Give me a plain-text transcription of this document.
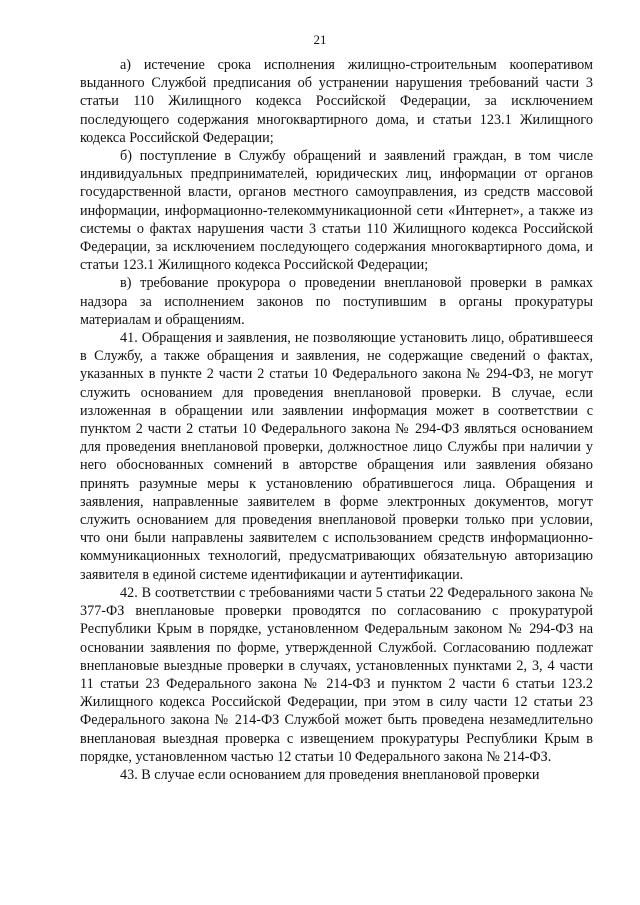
21

а) истечение срока исполнения жилищно-строительным кооперативом выданного Службой предписания об устранении нарушения требований части 3 статьи 110 Жилищного кодекса Российской Федерации, за исключением последующего содержания многоквартирного дома, и статьи 123.1 Жилищного кодекса Российской Федерации;

б) поступление в Службу обращений и заявлений граждан, в том числе индивидуальных предпринимателей, юридических лиц, информации от органов государственной власти, органов местного самоуправления, из средств массовой информации, информационно-телекоммуникационной сети «Интернет», а также из системы о фактах нарушения части 3 статьи 110 Жилищного кодекса Российской Федерации, за исключением последующего содержания многоквартирного дома, и статьи 123.1 Жилищного кодекса Российской Федерации;

в) требование прокурора о проведении внеплановой проверки в рамках надзора за исполнением законов по поступившим в органы прокуратуры материалам и обращениям.

41. Обращения и заявления, не позволяющие установить лицо, обратившееся в Службу, а также обращения и заявления, не содержащие сведений о фактах, указанных в пункте 2 части 2 статьи 10 Федерального закона № 294-ФЗ, не могут служить основанием для проведения внеплановой проверки. В случае, если изложенная в обращении или заявлении информация может в соответствии с пунктом 2 части 2 статьи 10 Федерального закона № 294-ФЗ являться основанием для проведения внеплановой проверки, должностное лицо Службы при наличии у него обоснованных сомнений в авторстве обращения или заявления обязано принять разумные меры к установлению обратившегося лица. Обращения и заявления, направленные заявителем в форме электронных документов, могут служить основанием для проведения внеплановой проверки только при условии, что они были направлены заявителем с использованием средств информационно-коммуникационных технологий, предусматривающих обязательную авторизацию заявителя в единой системе идентификации и аутентификации.

42. В соответствии с требованиями части 5 статьи 22 Федерального закона № 377-ФЗ внеплановые проверки проводятся по согласованию с прокуратурой Республики Крым в порядке, установленном Федеральным законом № 294-ФЗ на основании заявления по форме, утвержденной Службой. Согласованию подлежат внеплановые выездные проверки в случаях, установленных пунктами 2, 3, 4 части 11 статьи 23 Федерального закона № 214-ФЗ и пунктом 2 части 6 статьи 123.2 Жилищного кодекса Российской Федерации, при этом в силу части 12 статьи 23 Федерального закона № 214-ФЗ Службой может быть проведена незамедлительно внеплановая выездная проверка с извещением прокуратуры Республики Крым в порядке, установленном частью 12 статьи 10 Федерального закона № 214-ФЗ.

43. В случае если основанием для проведения внеплановой проверки
